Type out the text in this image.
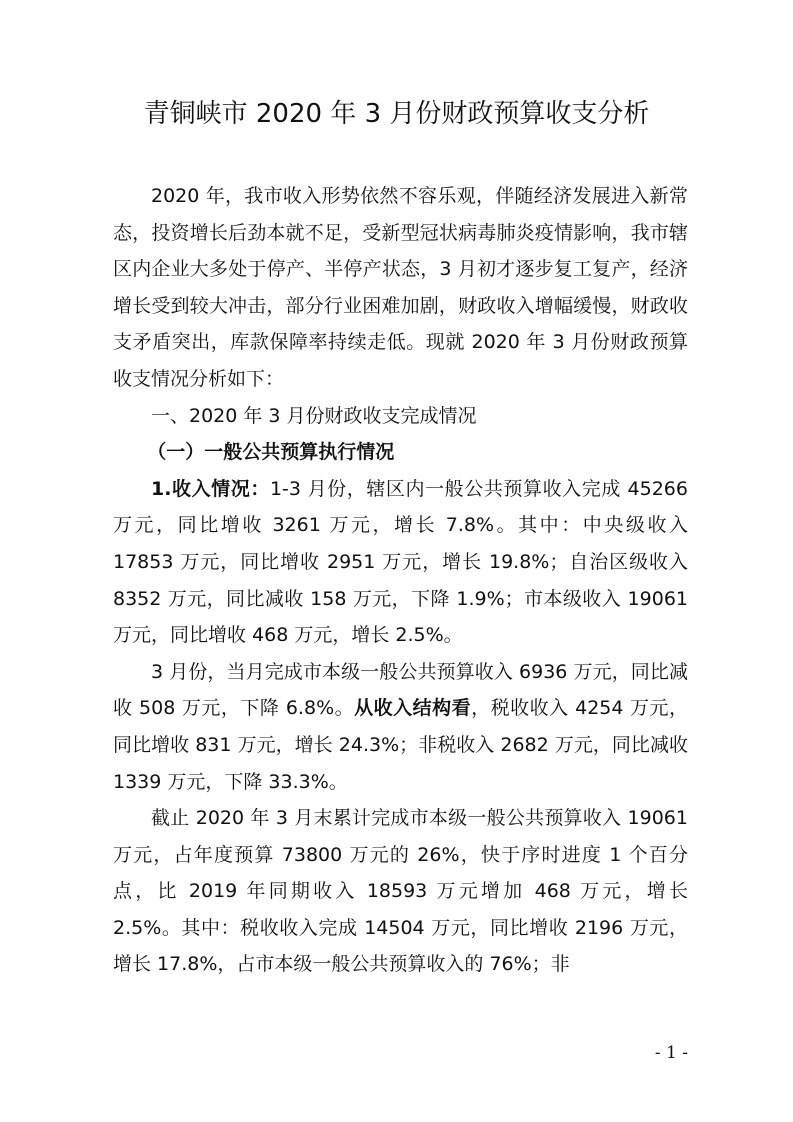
青铜峡市 2020 年 3 月份财政预算收支分析

2020 年，我市收入形势依然不容乐观，伴随经济发展进入新常态，投资增长后劲本就不足，受新型冠状病毒肺炎疫情影响，我市辖区内企业大多处于停产、半停产状态，3 月初才逐步复工复产，经济增长受到较大冲击，部分行业困难加剧，财政收入增幅缓慢，财政收支矛盾突出，库款保障率持续走低。现就 2020 年 3 月份财政预算收支情况分析如下：

一、2020 年 3 月份财政收支完成情况

（一）一般公共预算执行情况

1.收入情况：1-3 月份，辖区内一般公共预算收入完成 45266 万元，同比增收 3261 万元，增长 7.8%。其中：中央级收入 17853 万元，同比增收 2951 万元，增长 19.8%；自治区级收入 8352 万元，同比减收 158 万元，下降 1.9%；市本级收入 19061 万元，同比增收 468 万元，增长 2.5%。

3 月份，当月完成市本级一般公共预算收入 6936 万元，同比减收 508 万元，下降 6.8%。从收入结构看，税收收入 4254 万元，同比增收 831 万元，增长 24.3%；非税收入 2682 万元，同比减收 1339 万元，下降 33.3%。

截止 2020 年 3 月末累计完成市本级一般公共预算收入 19061 万元，占年度预算 73800 万元的 26%，快于序时进度 1 个百分点，比 2019 年同期收入 18593 万元增加 468 万元，增长 2.5%。其中：税收收入完成 14504 万元，同比增收 2196 万元，增长 17.8%，占市本级一般公共预算收入的 76%；非

- 1 -
